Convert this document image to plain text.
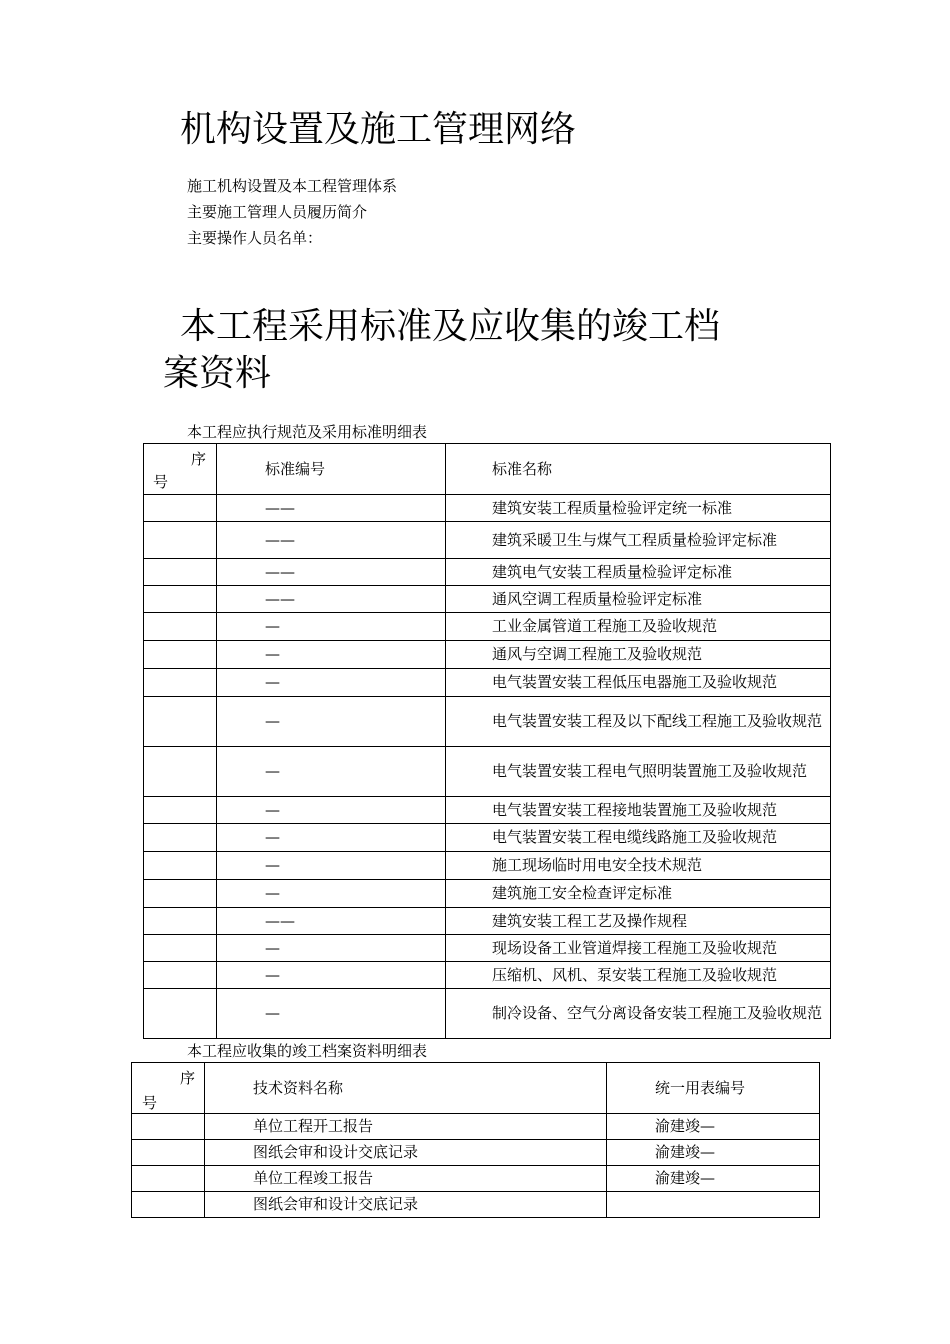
机构设置及施工管理网络

施工机构设置及本工程管理体系

主要施工管理人员履历简介

主要操作人员名单：

本工程采用标准及应收集的竣工档
案资料

本工程应执行规范及采用标准明细表

序
号	标准编号	标准名称
	——	建筑安装工程质量检验评定统一标准
	——	建筑采暖卫生与煤气工程质量检验评定标准
	——	建筑电气安装工程质量检验评定标准
	——	通风空调工程质量检验评定标准
	—	工业金属管道工程施工及验收规范
	—	通风与空调工程施工及验收规范
	—	电气装置安装工程低压电器施工及验收规范
	—	电气装置安装工程及以下配线工程施工及验收规范
	—	电气装置安装工程电气照明装置施工及验收规范
	—	电气装置安装工程接地装置施工及验收规范
	—	电气装置安装工程电缆线路施工及验收规范
	—	施工现场临时用电安全技术规范
	—	建筑施工安全检查评定标准
	——	建筑安装工程工艺及操作规程
	—	现场设备工业管道焊接工程施工及验收规范
	—	压缩机、风机、泵安装工程施工及验收规范
	—	制冷设备、空气分离设备安装工程施工及验收规范

本工程应收集的竣工档案资料明细表

序
号	技术资料名称	统一用表编号
	单位工程开工报告	渝建竣—
	图纸会审和设计交底记录	渝建竣—
	单位工程竣工报告	渝建竣—
	图纸会审和设计交底记录	
